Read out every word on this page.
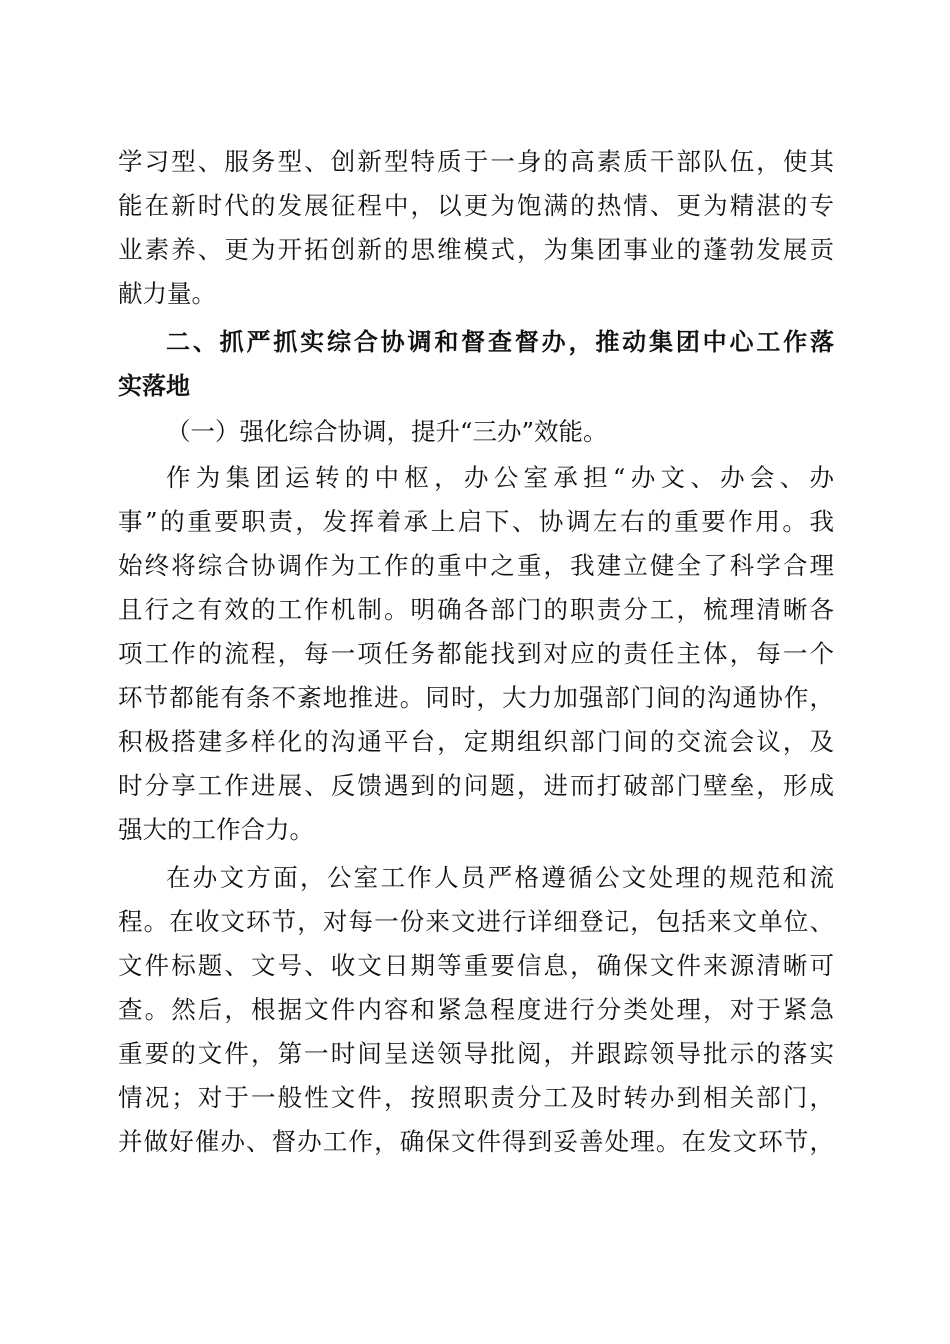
学习型、服务型、创新型特质于一身的高素质干部队伍，使其
能在新时代的发展征程中，以更为饱满的热情、更为精湛的专
业素养、更为开拓创新的思维模式，为集团事业的蓬勃发展贡
献力量。
二、抓严抓实综合协调和督查督办，推动集团中心工作落
实落地
（一）强化综合协调，提升“三办”效能。
作为集团运转的中枢，办公室承担“办文、办会、办
事”的重要职责，发挥着承上启下、协调左右的重要作用。我
始终将综合协调作为工作的重中之重，我建立健全了科学合理
且行之有效的工作机制。明确各部门的职责分工，梳理清晰各
项工作的流程，每一项任务都能找到对应的责任主体，每一个
环节都能有条不紊地推进。同时，大力加强部门间的沟通协作，
积极搭建多样化的沟通平台，定期组织部门间的交流会议，及
时分享工作进展、反馈遇到的问题，进而打破部门壁垒，形成
强大的工作合力。
在办文方面，公室工作人员严格遵循公文处理的规范和流
程。在收文环节，对每一份来文进行详细登记，包括来文单位、
文件标题、文号、收文日期等重要信息，确保文件来源清晰可
查。然后，根据文件内容和紧急程度进行分类处理，对于紧急
重要的文件，第一时间呈送领导批阅，并跟踪领导批示的落实
情况；对于一般性文件，按照职责分工及时转办到相关部门，
并做好催办、督办工作，确保文件得到妥善处理。在发文环节，
